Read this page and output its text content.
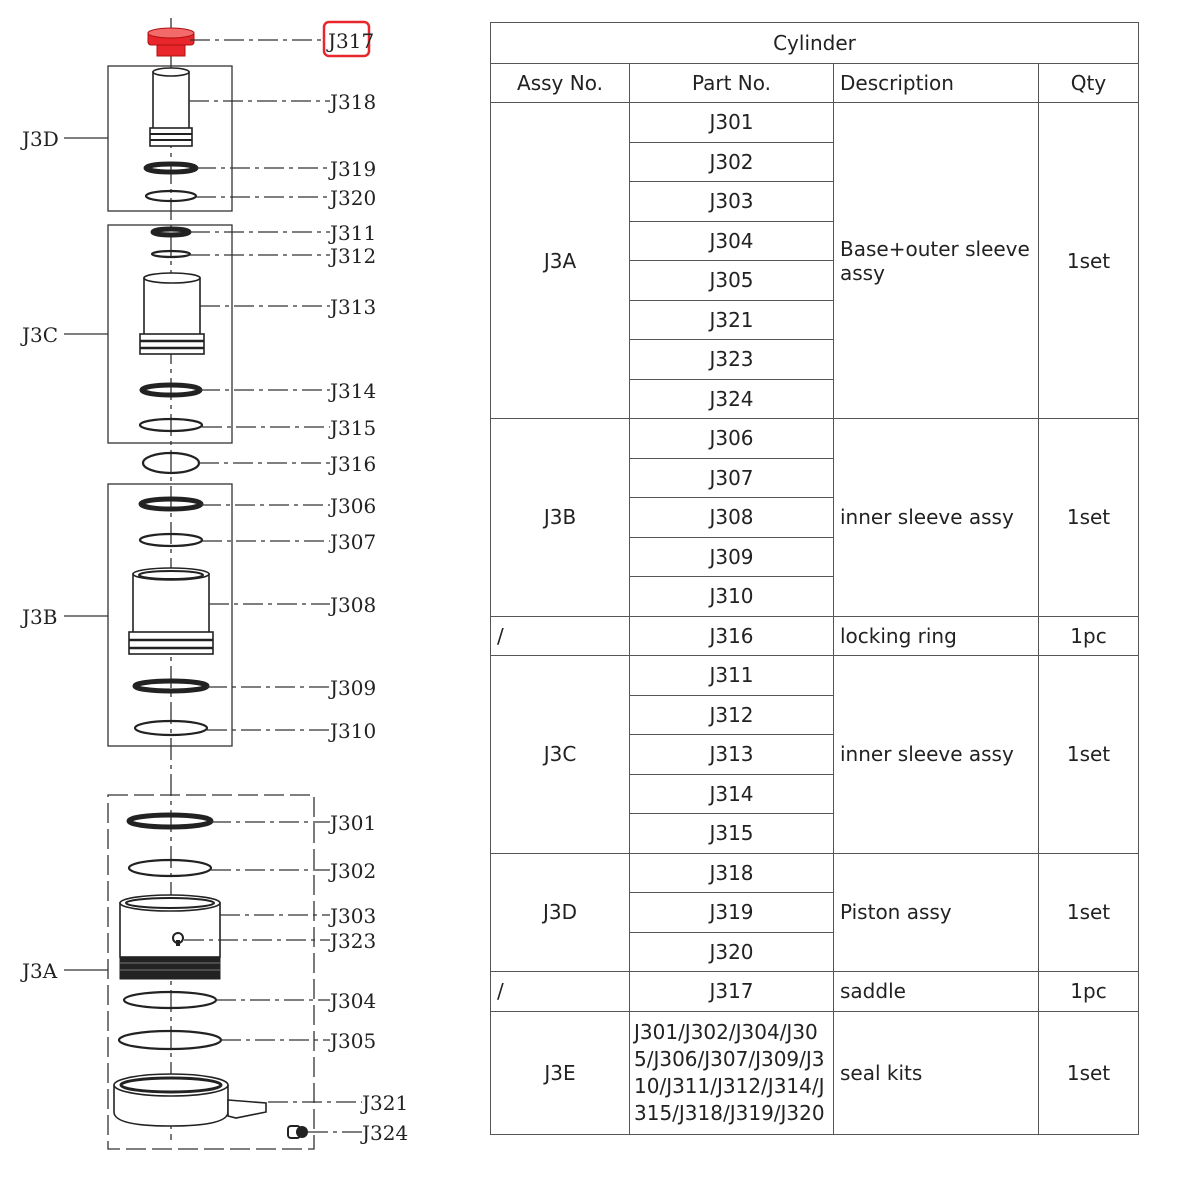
J3D
J3C
J3B
J3A
J317
J318
J319
J320
J311
J312
J313
J314
J315
J316
J306
J307
J308
J309
J310
J301
J302
J303
J323
J304
J305
J321
J324
Cylinder			
Assy No.	Part No.	Description	Qty
J3A	J301	Base+outer sleeve assy	1set
	J302		
	J303		
	J304		
	J305		
	J321		
	J323		
	J324		
J3B	J306	inner sleeve assy	1set
	J307		
	J308		
	J309		
	J310		
/	J316	locking ring	1pc
J3C	J311	inner sleeve assy	1set
	J312		
	J313		
	J314		
	J315		
J3D	J318	Piston assy	1set
	J319		
	J320		
/	J317	saddle	1pc
J3E	J301/J302/J304/J305/J306/J307/J309/J310/J311/J312/J314/J315/J318/J319/J320	seal kits	1set
